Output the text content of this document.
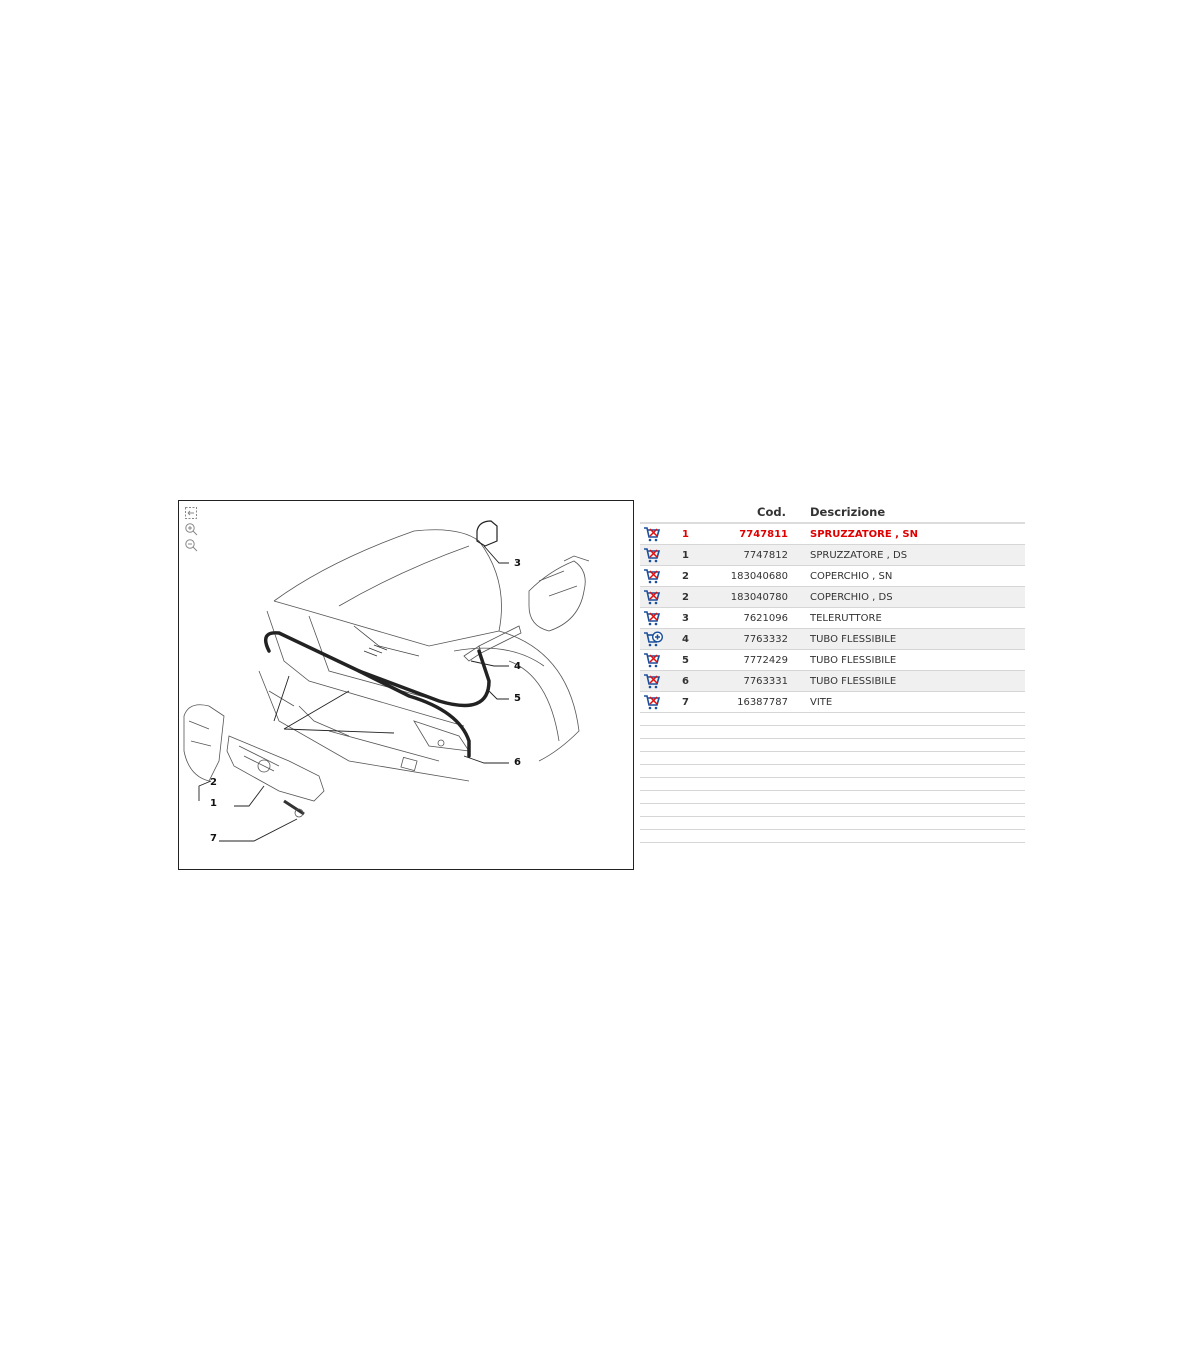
1
2
3
4
5
6
7
Cod. Descrizione
1	7747811 SPRUZZATORE , SN
1	7747812 SPRUZZATORE , DS
2	183040680 COPERCHIO , SN
2	183040780 COPERCHIO , DS
3	7621096 TELERUTTORE
4	7763332 TUBO FLESSIBILE
5	7772429 TUBO FLESSIBILE
6	7763331 TUBO FLESSIBILE
7	16387787 VITE
